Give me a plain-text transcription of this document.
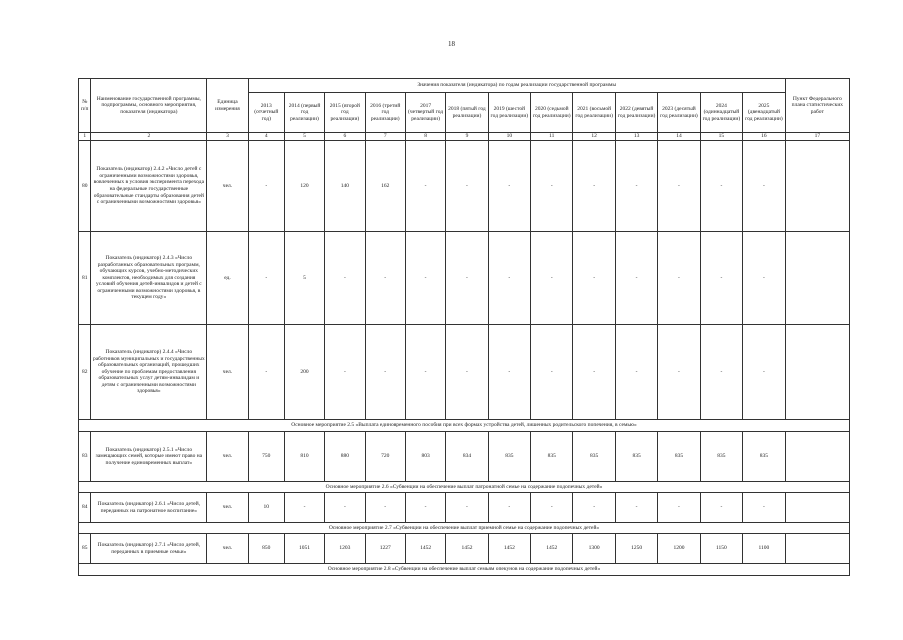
18
№ п/п	Наименование государственной программы, подпрограммы, основного мероприятия, показателя (индикатора)	Единица измерения	Значения показателя (индикатора) по годам реализации государственной программы													Пункт Федерального плана статистических работ
			2013 (отчетный год)	2014 (первый год реализации)	2015 (второй год реализации)	2016 (третий год реализации)	2017 (четвертый год реализации)	2018 (пятый год реализации)	2019 (шестой год реализации)	2020 (седьмой год реализации)	2021 (восьмой год реализации)	2022 (девятый год реализации)	2023 (десятый год реализации)	2024 (одиннадцатый год реализации)	2025 (двенадцатый год реализации)	
1	2	3	4	5	6	7	8	9	10	11	12	13	14	15	16	17
80	Показатель (индикатор) 2.4.2 «Число детей с ограниченными возможностями здоровья, вовлеченных в условия эксперимента перехода на федеральные государственные образовательные стандарты образования детей с ограниченными возможностями здоровья»	чел.	-	120	140	162	-	-	-	-	-	-	-	-	-	
81	Показатель (индикатор) 2.4.3 «Число разработанных образовательных программ, обучающих курсов, учебно-методических комплектов, необходимых для создания условий обучения детей-инвалидов и детей с ограниченными возможностями здоровья, в текущем году»	ед.	-	5	-	-	-	-	-	-	-	-	-	-	-	
82	Показатель (индикатор) 2.4.4 «Число работников муниципальных и государственных образовательных организаций, прошедших обучение по проблемам предоставления образовательных услуг детям-инвалидам и детям с ограниченными возможностями здоровья»	чел.	-	200	-	-	-	-	-	-	-	-	-	-	-	
Основное мероприятие 2.5 «Выплата единовременного пособия при всех формах устройства детей, лишенных родительского попечения, в семью»																
83	Показатель (индикатор) 2.5.1 «Число замещающих семей, которые имеют право на получение единовременных выплат»	чел.	750	810	880	720	803	834	835	835	835	835	835	835	835	
Основное мероприятие 2.6 «Субвенции на обеспечение выплат патронатной семье на содержание подопечных детей»																
84	Показатель (индикатор) 2.6.1 «Число детей, переданных на патронатное воспитание»	чел.	10	-	-	-	-	-	-	-	-	-	-	-	-	
Основное мероприятие 2.7 «Субвенции на обеспечение выплат приемной семье на содержание подопечных детей»																
85	Показатель (индикатор) 2.7.1 «Число детей, переданных в приемные семьи»	чел.	850	1051	1203	1227	1452	1452	1452	1452	1300	1250	1200	1150	1100	
Основное мероприятие 2.8 «Субвенции на обеспечение выплат семьям опекунов на содержание подопечных детей»																
